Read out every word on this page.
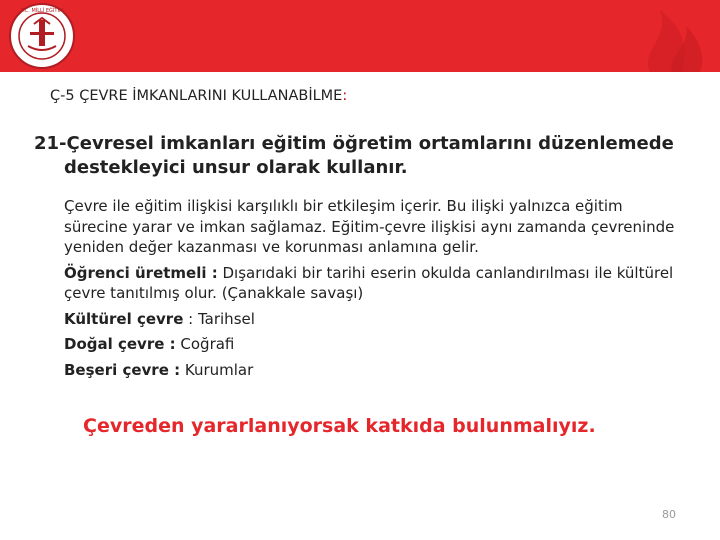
T.C. MİLLİ EĞİTİM
Ç-5 ÇEVRE İMKANLARINI KULLANABİLME:
21-Çevresel imkanları eğitim öğretim ortamlarını düzenlemede
destekleyici unsur olarak kullanır.

Çevre ile eğitim ilişkisi karşılıklı bir etkileşim içerir. Bu ilişki yalnızca eğitim sürecine yarar ve imkan sağlamaz. Eğitim-çevre ilişkisi aynı zamanda çevreninde yeniden değer kazanması ve korunması anlamına gelir.

Öğrenci üretmeli : Dışarıdaki bir tarihi eserin okulda canlandırılması ile kültürel çevre tanıtılmış olur. (Çanakkale savaşı)

Kültürel çevre : Tarihsel

Doğal çevre : Coğrafi

Beşeri çevre : Kurumlar

Çevreden yararlanıyorsak katkıda bulunmalıyız.
80
